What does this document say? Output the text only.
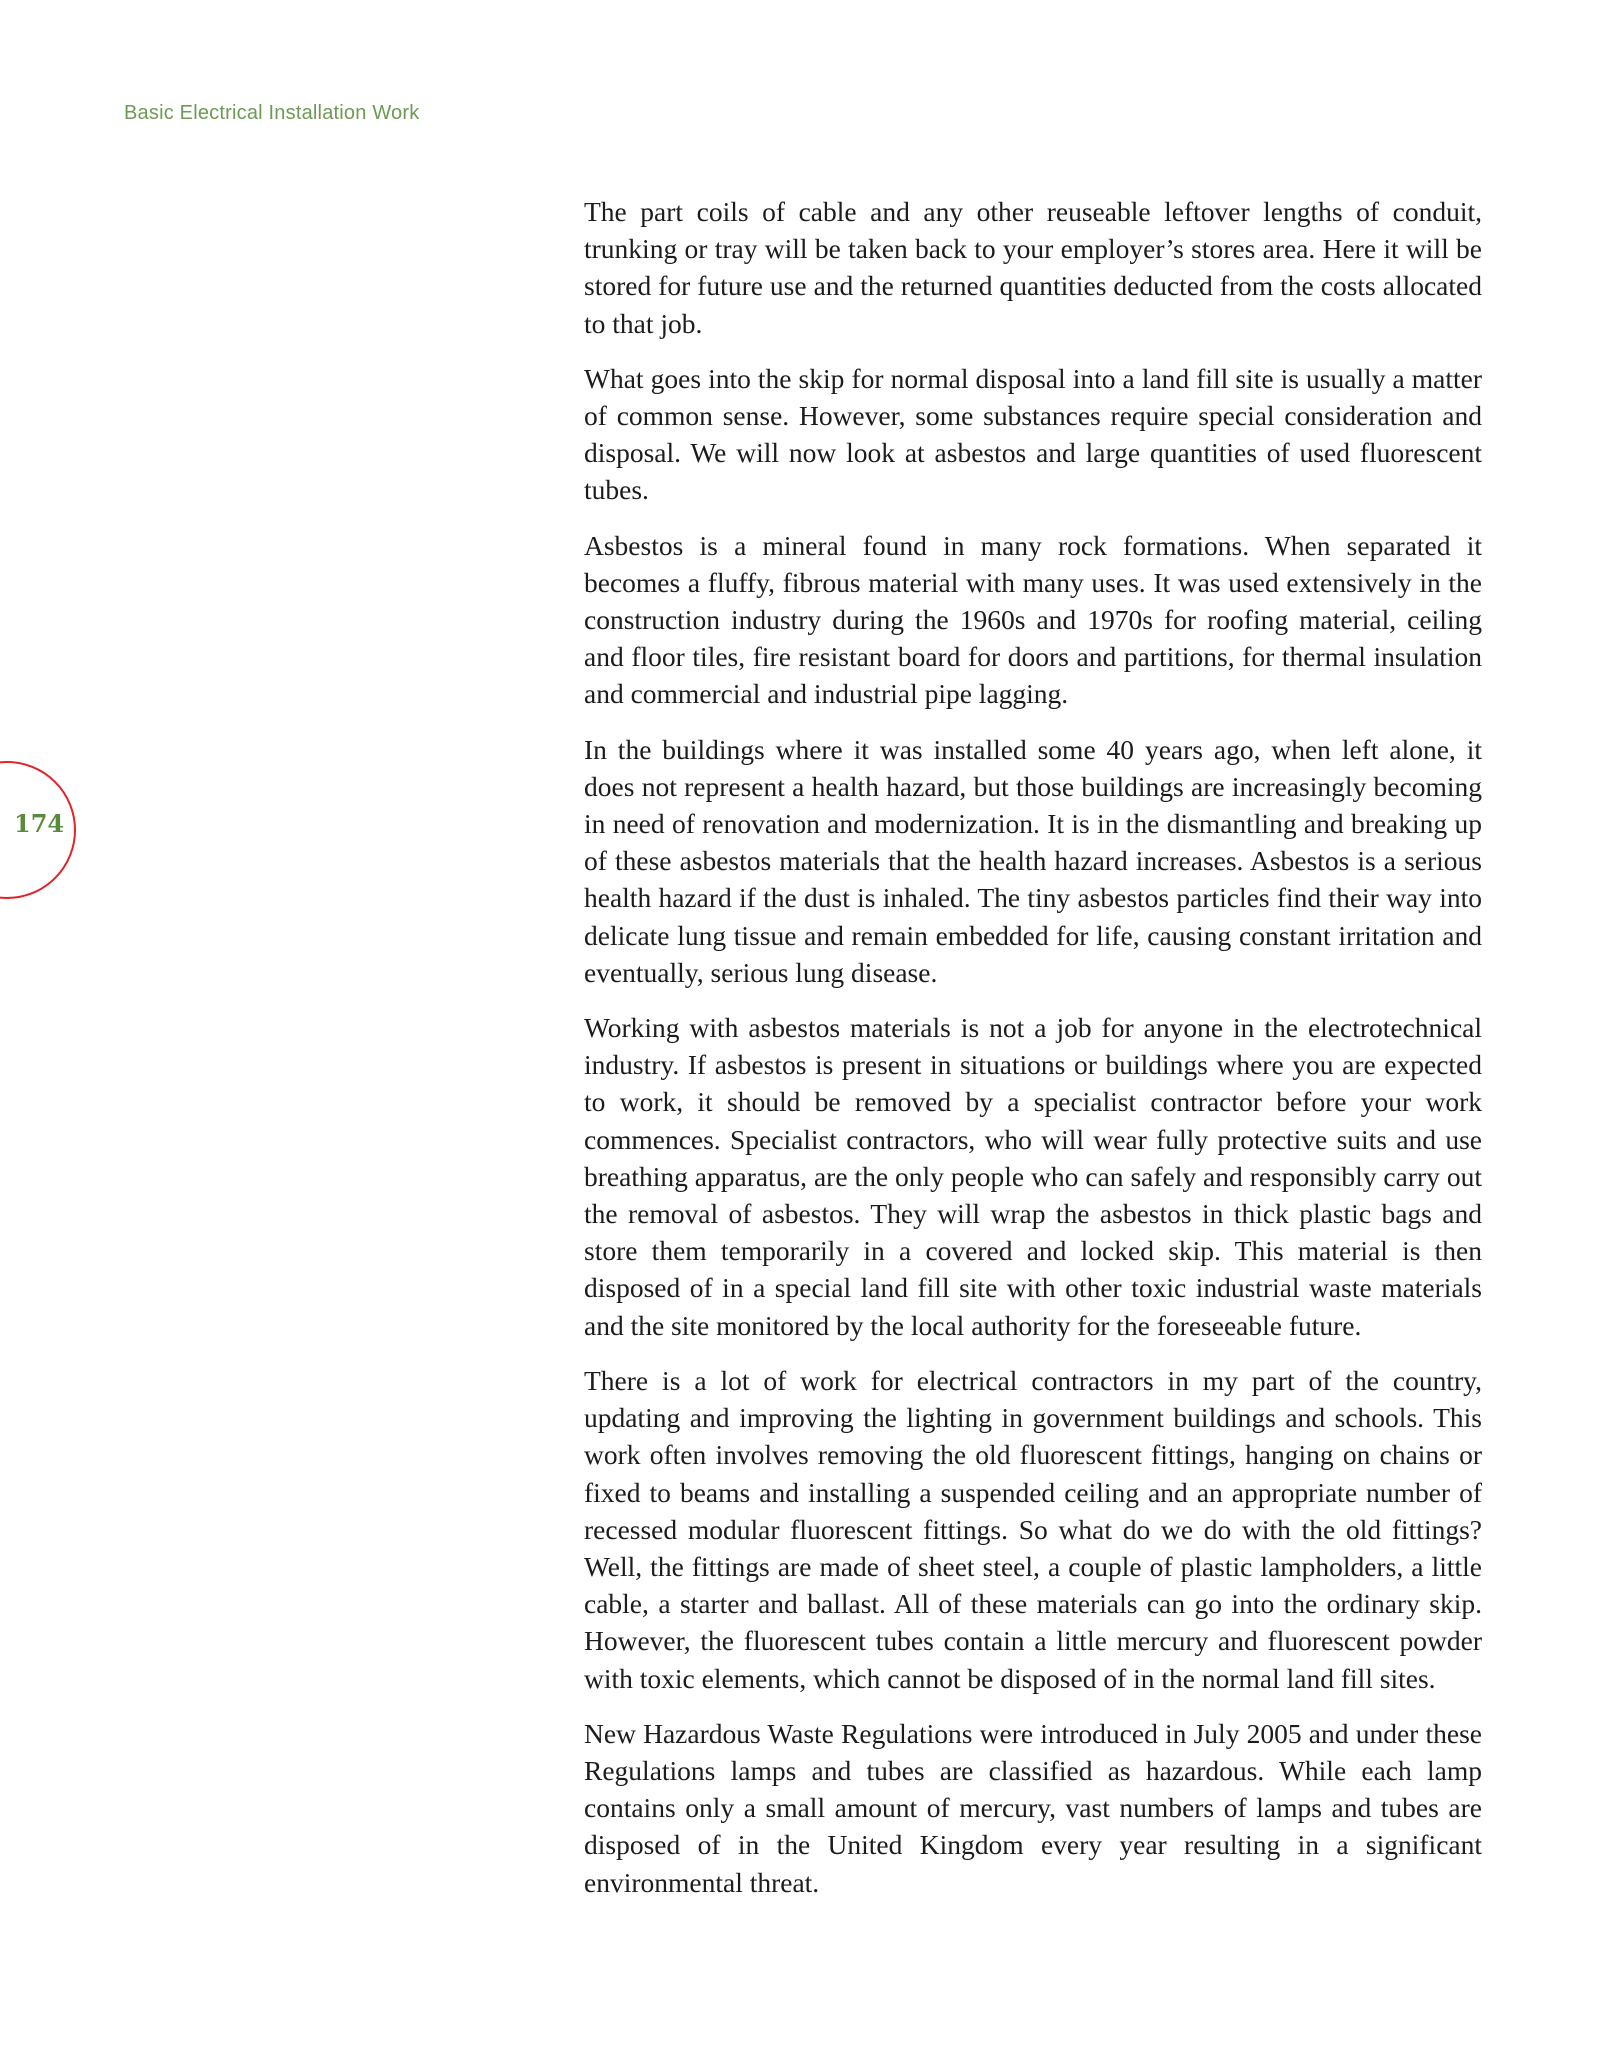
Basic Electrical Installation Work
174

The part coils of cable and any other reuseable leftover lengths of conduit, trunking or tray will be taken back to your employer’s stores area. Here it will be stored for future use and the returned quantities deducted from the costs allocated to that job.

What goes into the skip for normal disposal into a land fill site is usually a matter of common sense. However, some substances require special consideration and disposal. We will now look at asbestos and large quantities of used fluorescent tubes.

Asbestos is a mineral found in many rock formations. When separated it becomes a fluffy, fibrous material with many uses. It was used extensively in the construction industry during the 1960s and 1970s for roofing material, ceiling and floor tiles, fire resistant board for doors and partitions, for thermal insulation and commercial and industrial pipe lagging.

In the buildings where it was installed some 40 years ago, when left alone, it does not represent a health hazard, but those buildings are increasingly becoming in need of renovation and modernization. It is in the dismantling and breaking up of these asbestos materials that the health hazard increases. Asbestos is a serious health hazard if the dust is inhaled. The tiny asbestos particles find their way into delicate lung tissue and remain embedded for life, causing constant irritation and eventually, serious lung disease.

Working with asbestos materials is not a job for anyone in the electrotechnical industry. If asbestos is present in situations or buildings where you are expected to work, it should be removed by a specialist contractor before your work commences. Specialist contractors, who will wear fully protective suits and use breathing apparatus, are the only people who can safely and responsibly carry out the removal of asbestos. They will wrap the asbestos in thick plastic bags and store them temporarily in a covered and locked skip. This material is then disposed of in a special land fill site with other toxic industrial waste materials and the site monitored by the local authority for the foreseeable future.

There is a lot of work for electrical contractors in my part of the country, updating and improving the lighting in government buildings and schools. This work often involves removing the old fluorescent fittings, hanging on chains or fixed to beams and installing a suspended ceiling and an appropriate number of recessed modular fluorescent fittings. So what do we do with the old fittings? Well, the fittings are made of sheet steel, a couple of plastic lampholders, a little cable, a starter and ballast. All of these materials can go into the ordinary skip. However, the fluorescent tubes contain a little mercury and fluorescent powder with toxic elements, which cannot be disposed of in the normal land fill sites.

New Hazardous Waste Regulations were introduced in July 2005 and under these Regulations lamps and tubes are classified as hazardous. While each lamp contains only a small amount of mercury, vast numbers of lamps and tubes are disposed of in the United Kingdom every year resulting in a significant environmental threat.
